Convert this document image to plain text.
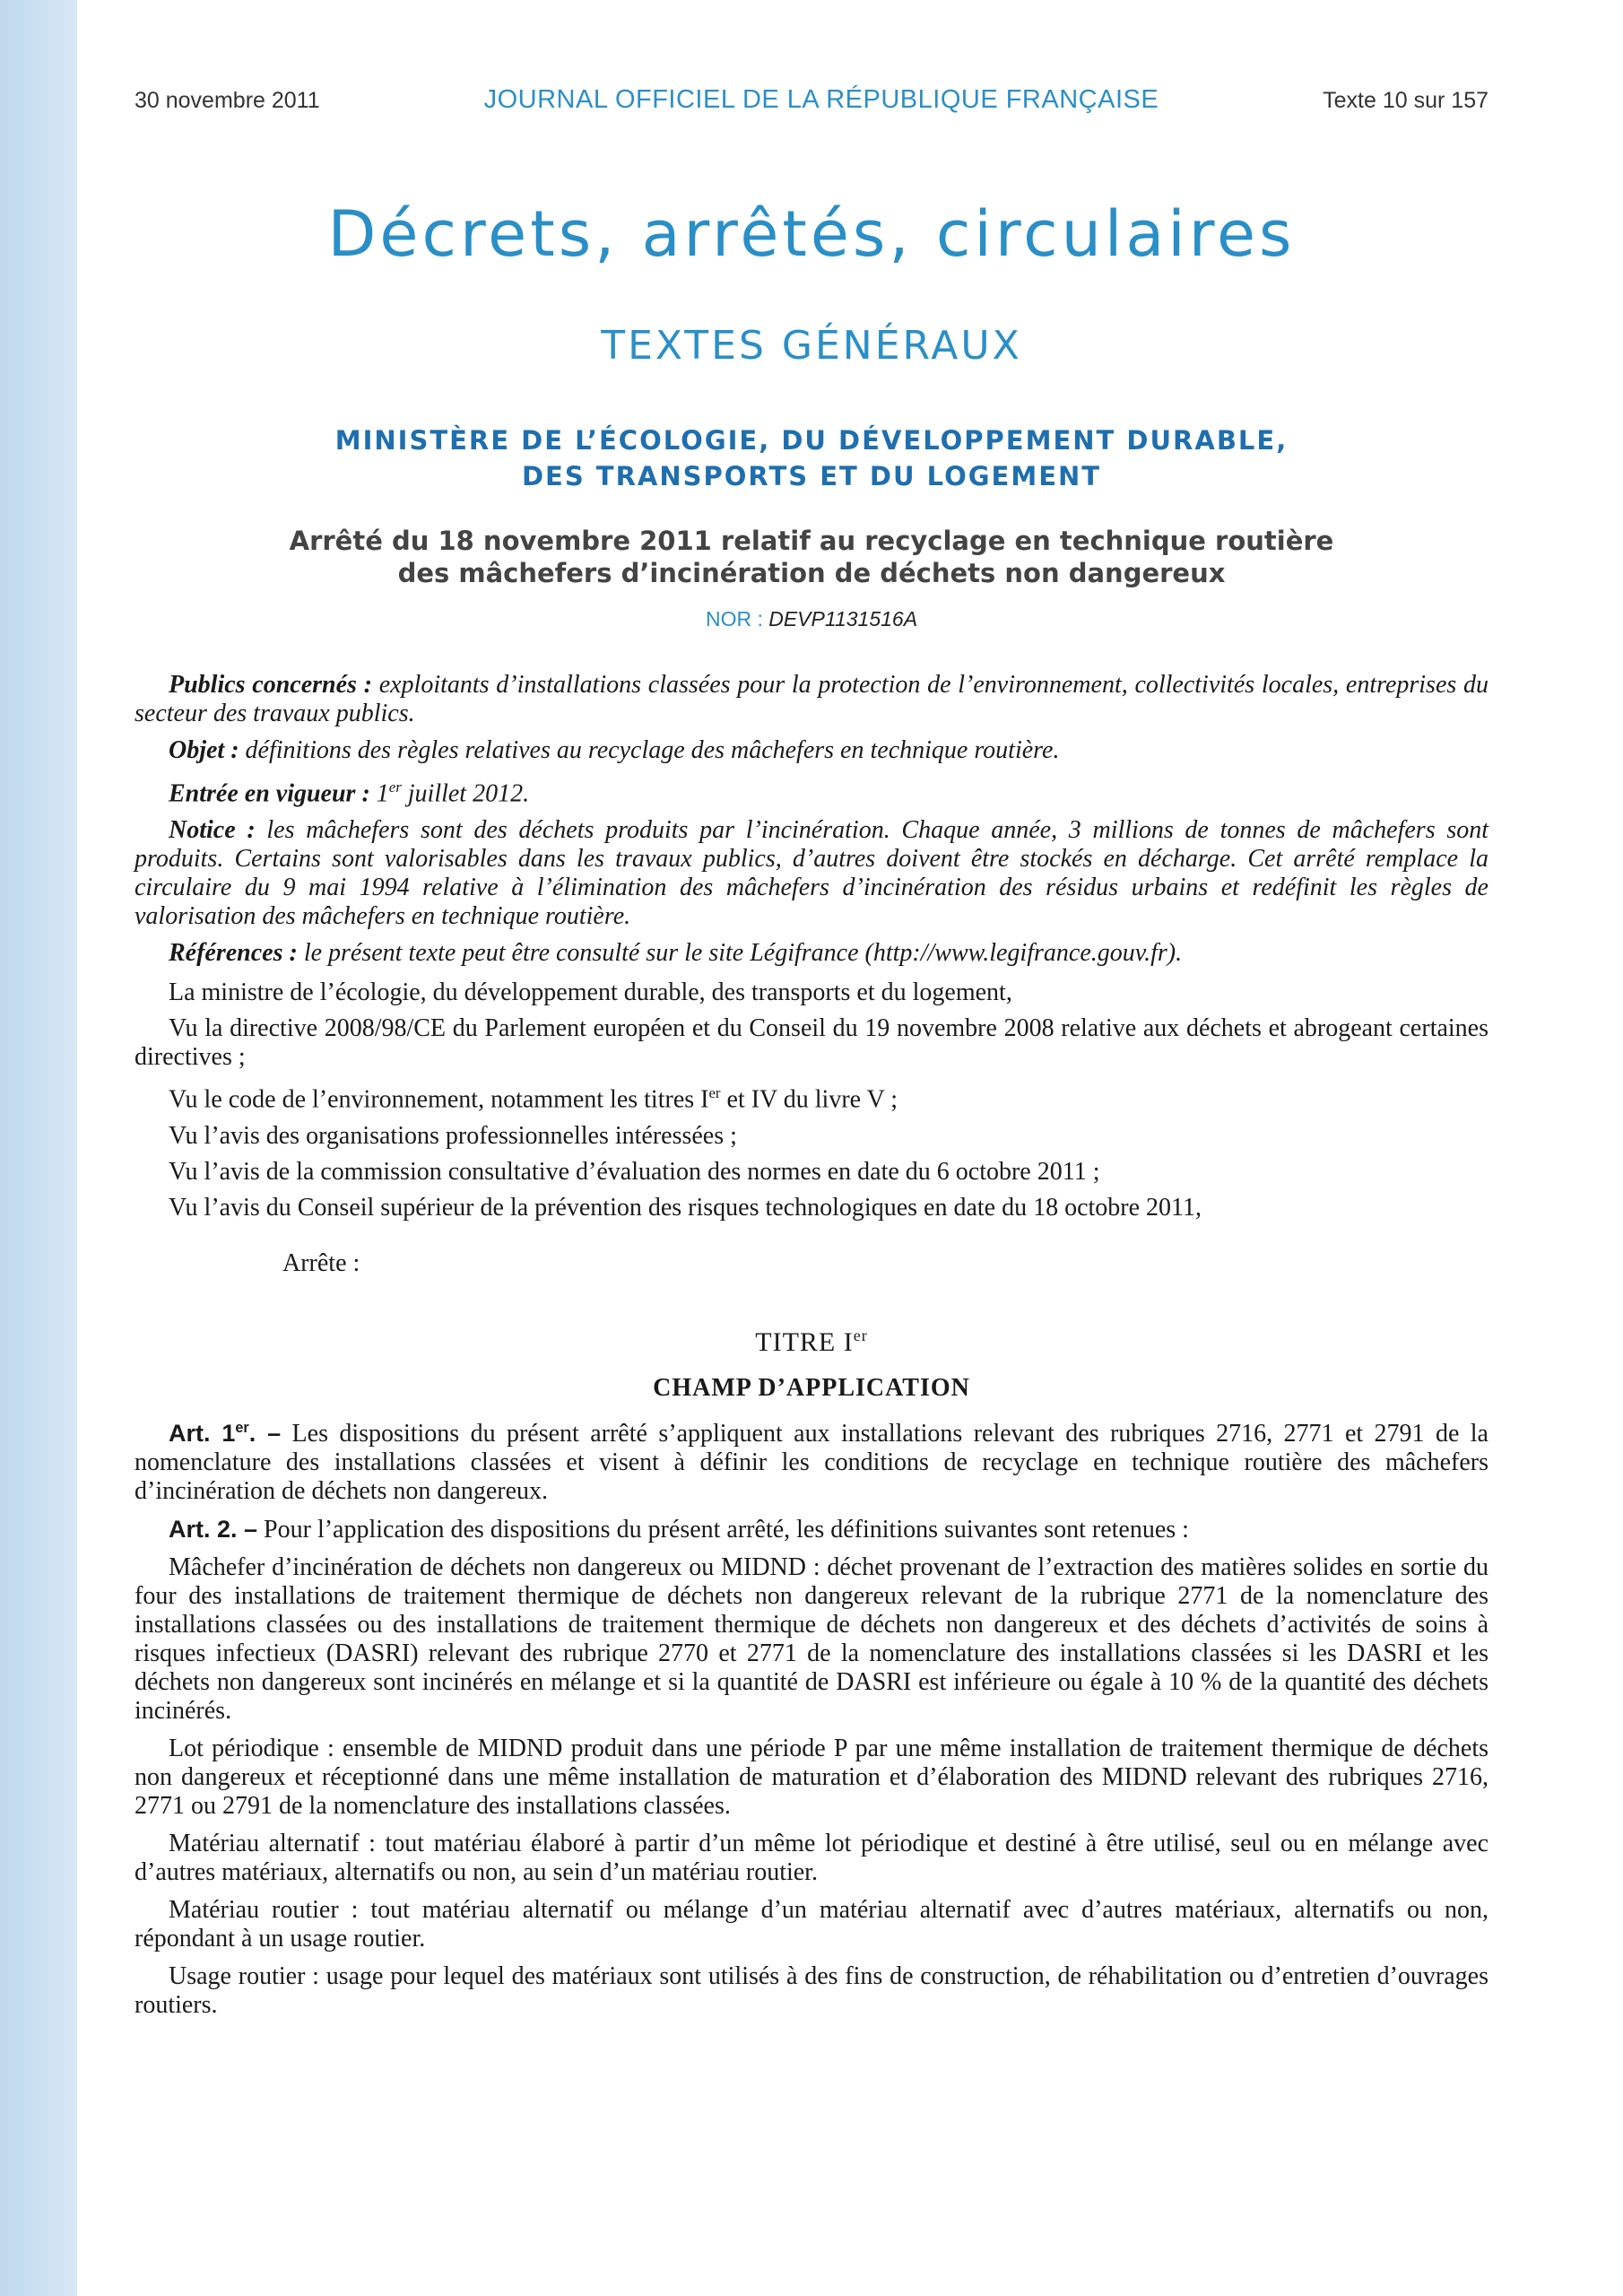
30 novembre 2011	JOURNAL OFFICIEL DE LA RÉPUBLIQUE FRANÇAISE	Texte 10 sur 157
Décrets, arrêtés, circulaires
TEXTES GÉNÉRAUX
MINISTÈRE DE L’ÉCOLOGIE, DU DÉVELOPPEMENT DURABLE,
DES TRANSPORTS ET DU LOGEMENT
Arrêté du 18 novembre 2011 relatif au recyclage en technique routière
des mâchefers d’incinération de déchets non dangereux
NOR : DEVP1131516A

Publics concernés : exploitants d’installations classées pour la protection de l’environnement, collectivités locales, entreprises du secteur des travaux publics.

Objet : définitions des règles relatives au recyclage des mâchefers en technique routière.

Entrée en vigueur : 1er juillet 2012.

Notice : les mâchefers sont des déchets produits par l’incinération. Chaque année, 3 millions de tonnes de mâchefers sont produits. Certains sont valorisables dans les travaux publics, d’autres doivent être stockés en décharge. Cet arrêté remplace la circulaire du 9 mai 1994 relative à l’élimination des mâchefers d’incinération des résidus urbains et redéfinit les règles de valorisation des mâchefers en technique routière.

Références : le présent texte peut être consulté sur le site Légifrance (http://www.legifrance.gouv.fr).

La ministre de l’écologie, du développement durable, des transports et du logement,

Vu la directive 2008/98/CE du Parlement européen et du Conseil du 19 novembre 2008 relative aux déchets et abrogeant certaines directives ;

Vu le code de l’environnement, notamment les titres Ier et IV du livre V ;

Vu l’avis des organisations professionnelles intéressées ;

Vu l’avis de la commission consultative d’évaluation des normes en date du 6 octobre 2011 ;

Vu l’avis du Conseil supérieur de la prévention des risques technologiques en date du 18 octobre 2011,

Arrête :
TITRE Ier
CHAMP D’APPLICATION

Art. 1er. – Les dispositions du présent arrêté s’appliquent aux installations relevant des rubriques 2716, 2771 et 2791 de la nomenclature des installations classées et visent à définir les conditions de recyclage en technique routière des mâchefers d’incinération de déchets non dangereux.

Art. 2. – Pour l’application des dispositions du présent arrêté, les définitions suivantes sont retenues :

Mâchefer d’incinération de déchets non dangereux ou MIDND : déchet provenant de l’extraction des matières solides en sortie du four des installations de traitement thermique de déchets non dangereux relevant de la rubrique 2771 de la nomenclature des installations classées ou des installations de traitement thermique de déchets non dangereux et des déchets d’activités de soins à risques infectieux (DASRI) relevant des rubrique 2770 et 2771 de la nomenclature des installations classées si les DASRI et les déchets non dangereux sont incinérés en mélange et si la quantité de DASRI est inférieure ou égale à 10 % de la quantité des déchets incinérés.

Lot périodique : ensemble de MIDND produit dans une période P par une même installation de traitement thermique de déchets non dangereux et réceptionné dans une même installation de maturation et d’élaboration des MIDND relevant des rubriques 2716, 2771 ou 2791 de la nomenclature des installations classées.

Matériau alternatif : tout matériau élaboré à partir d’un même lot périodique et destiné à être utilisé, seul ou en mélange avec d’autres matériaux, alternatifs ou non, au sein d’un matériau routier.

Matériau routier : tout matériau alternatif ou mélange d’un matériau alternatif avec d’autres matériaux, alternatifs ou non, répondant à un usage routier.

Usage routier : usage pour lequel des matériaux sont utilisés à des fins de construction, de réhabilitation ou d’entretien d’ouvrages routiers.
